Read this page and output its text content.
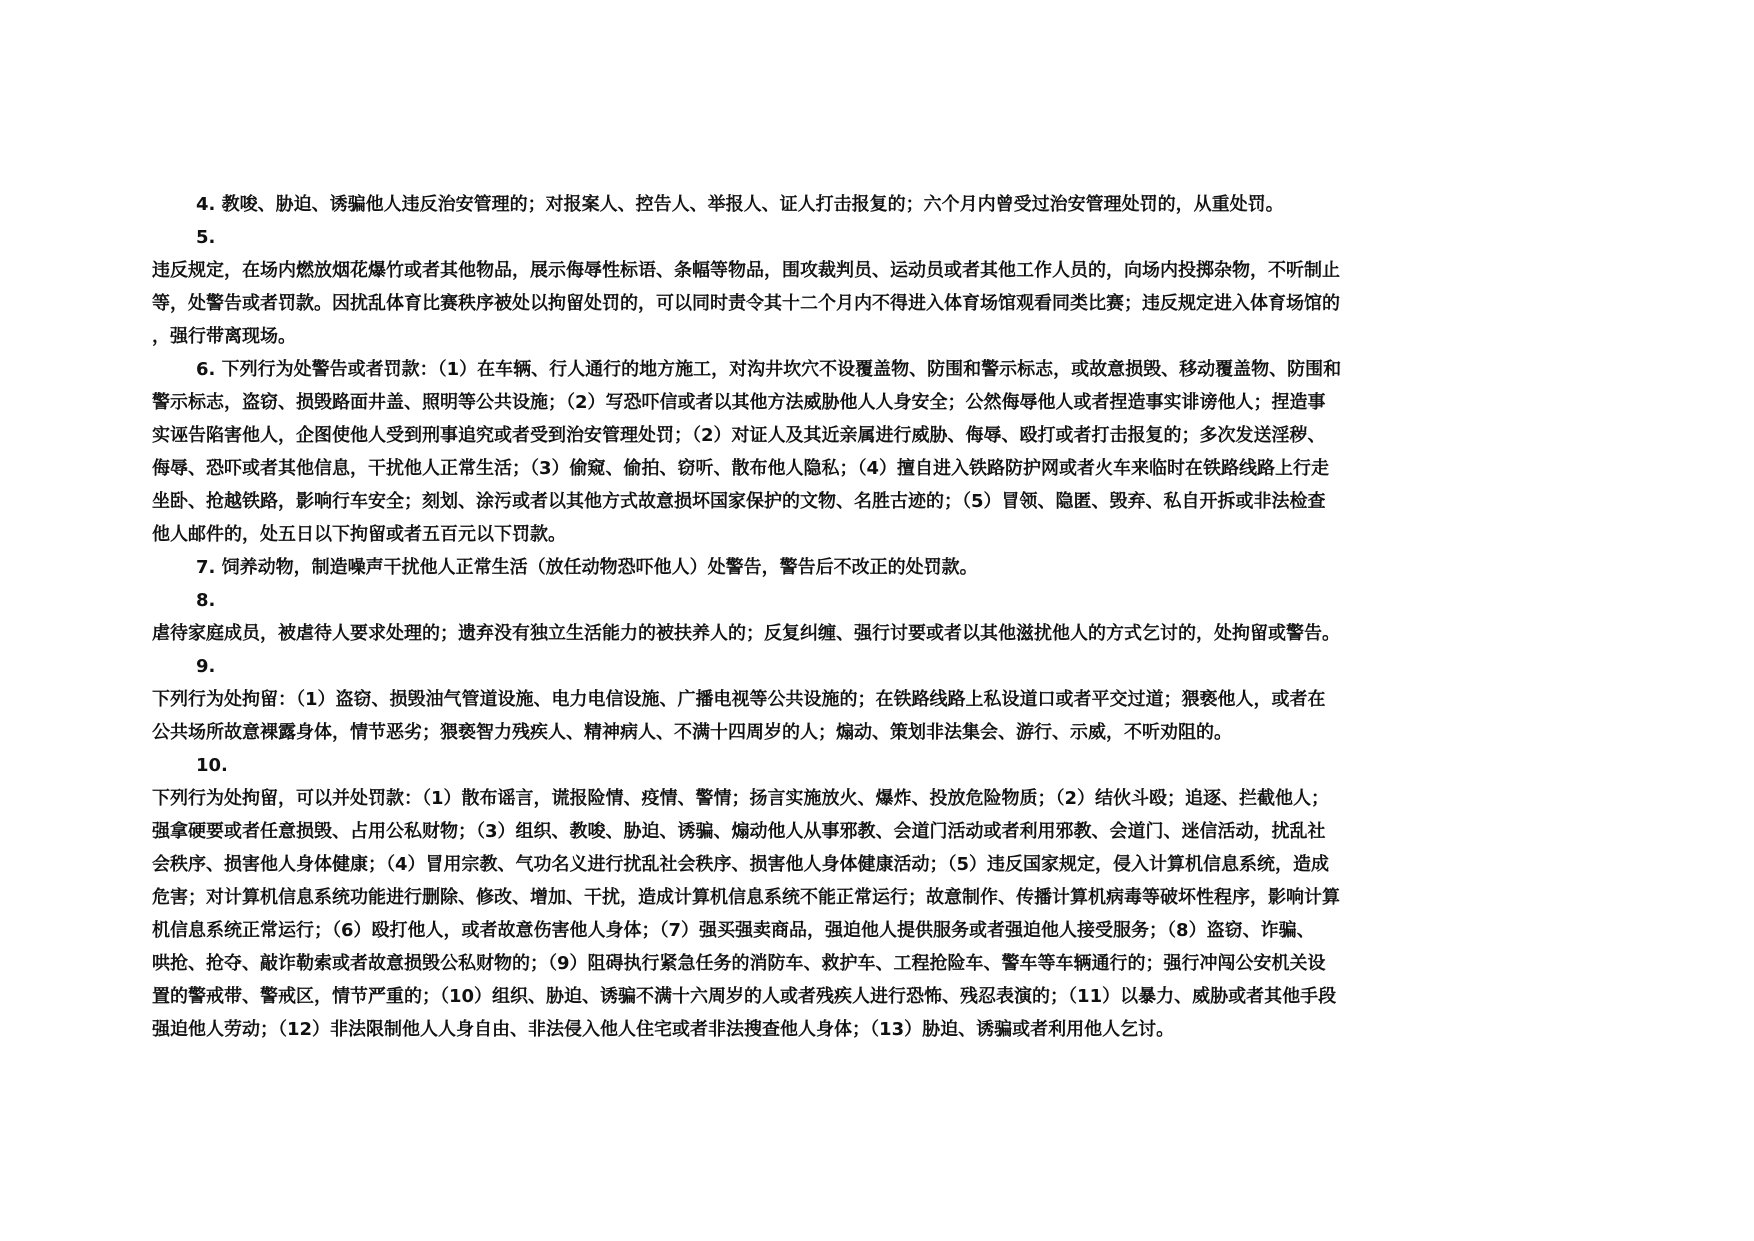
4. 教唆、胁迫、诱骗他人违反治安管理的；对报案人、控告人、举报人、证人打击报复的；六个月内曾受过治安管理处罚的，从重处罚。
5.
违反规定，在场内燃放烟花爆竹或者其他物品，展示侮辱性标语、条幅等物品，围攻裁判员、运动员或者其他工作人员的，向场内投掷杂物，不听制止
等，处警告或者罚款。因扰乱体育比赛秩序被处以拘留处罚的，可以同时责令其十二个月内不得进入体育场馆观看同类比赛；违反规定进入体育场馆的
，强行带离现场。
6. 下列行为处警告或者罚款：（1）在车辆、行人通行的地方施工，对沟井坎穴不设覆盖物、防围和警示标志，或故意损毁、移动覆盖物、防围和
警示标志，盗窃、损毁路面井盖、照明等公共设施；（2）写恐吓信或者以其他方法威胁他人人身安全；公然侮辱他人或者捏造事实诽谤他人；捏造事
实诬告陷害他人，企图使他人受到刑事追究或者受到治安管理处罚；（2）对证人及其近亲属进行威胁、侮辱、殴打或者打击报复的；多次发送淫秽、
侮辱、恐吓或者其他信息，干扰他人正常生活；（3）偷窥、偷拍、窃听、散布他人隐私；（4）擅自进入铁路防护网或者火车来临时在铁路线路上行走
坐卧、抢越铁路，影响行车安全；刻划、涂污或者以其他方式故意损坏国家保护的文物、名胜古迹的；（5）冒领、隐匿、毁弃、私自开拆或非法检查
他人邮件的，处五日以下拘留或者五百元以下罚款。
7. 饲养动物，制造噪声干扰他人正常生活（放任动物恐吓他人）处警告，警告后不改正的处罚款。
8.
虐待家庭成员，被虐待人要求处理的；遗弃没有独立生活能力的被扶养人的；反复纠缠、强行讨要或者以其他滋扰他人的方式乞讨的，处拘留或警告。
9.
下列行为处拘留：（1）盗窃、损毁油气管道设施、电力电信设施、广播电视等公共设施的；在铁路线路上私设道口或者平交过道；猥亵他人，或者在
公共场所故意裸露身体，情节恶劣；猥亵智力残疾人、精神病人、不满十四周岁的人；煽动、策划非法集会、游行、示威，不听劝阻的。
10.
下列行为处拘留，可以并处罚款：（1）散布谣言，谎报险情、疫情、警情；扬言实施放火、爆炸、投放危险物质；（2）结伙斗殴；追逐、拦截他人；
强拿硬要或者任意损毁、占用公私财物；（3）组织、教唆、胁迫、诱骗、煽动他人从事邪教、会道门活动或者利用邪教、会道门、迷信活动，扰乱社
会秩序、损害他人身体健康；（4）冒用宗教、气功名义进行扰乱社会秩序、损害他人身体健康活动；（5）违反国家规定，侵入计算机信息系统，造成
危害；对计算机信息系统功能进行删除、修改、增加、干扰，造成计算机信息系统不能正常运行；故意制作、传播计算机病毒等破坏性程序，影响计算
机信息系统正常运行；（6）殴打他人，或者故意伤害他人身体；（7）强买强卖商品，强迫他人提供服务或者强迫他人接受服务；（8）盗窃、诈骗、
哄抢、抢夺、敲诈勒索或者故意损毁公私财物的；（9）阻碍执行紧急任务的消防车、救护车、工程抢险车、警车等车辆通行的；强行冲闯公安机关设
置的警戒带、警戒区，情节严重的；（10）组织、胁迫、诱骗不满十六周岁的人或者残疾人进行恐怖、残忍表演的；（11）以暴力、威胁或者其他手段
强迫他人劳动；（12）非法限制他人人身自由、非法侵入他人住宅或者非法搜查他人身体；（13）胁迫、诱骗或者利用他人乞讨。
